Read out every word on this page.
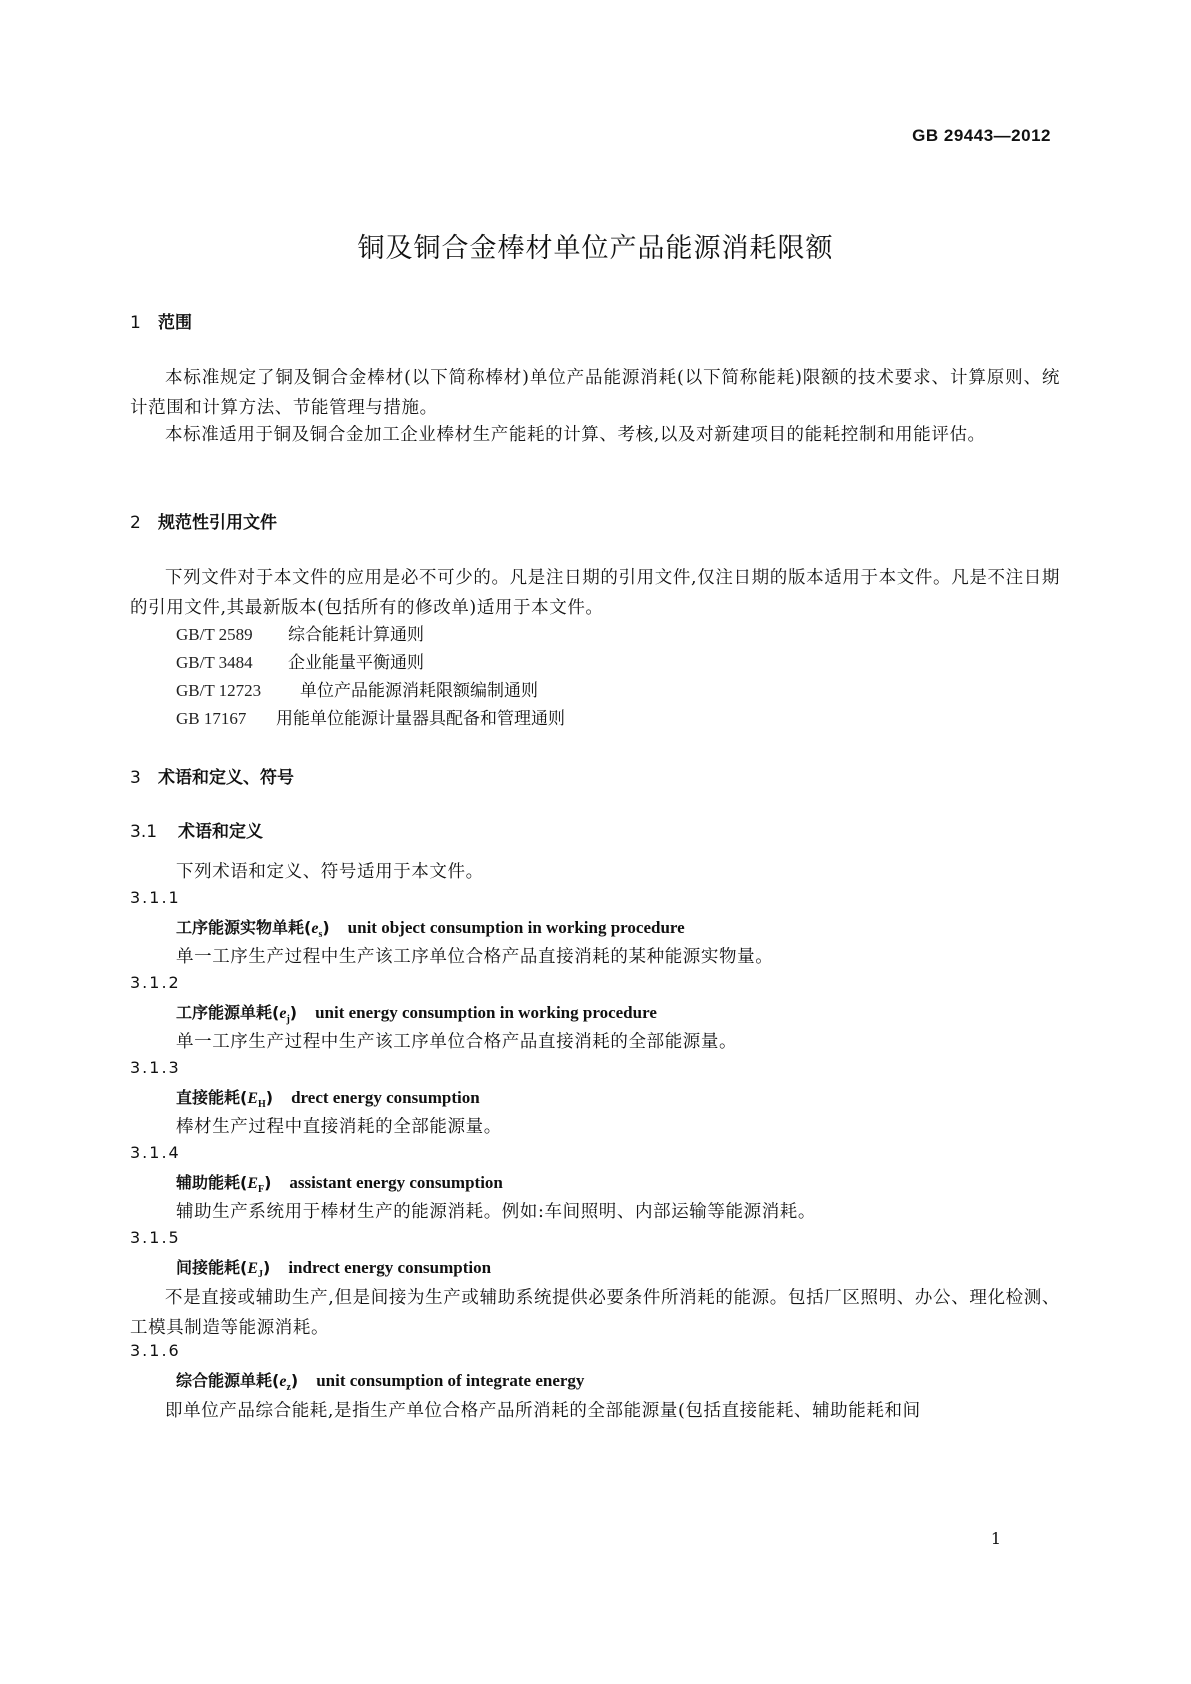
GB 29443—2012
铜及铜合金棒材单位产品能源消耗限额
1 范围
本标准规定了铜及铜合金棒材(以下简称棒材)单位产品能源消耗(以下简称能耗)限额的技术要求、计算原则、统计范围和计算方法、节能管理与措施。
本标准适用于铜及铜合金加工企业棒材生产能耗的计算、考核,以及对新建项目的能耗控制和用能评估。
2 规范性引用文件
下列文件对于本文件的应用是必不可少的。凡是注日期的引用文件,仅注日期的版本适用于本文件。凡是不注日期的引用文件,其最新版本(包括所有的修改单)适用于本文件。
GB/T 2589 综合能耗计算通则
GB/T 3484 企业能量平衡通则
GB/T 12723 单位产品能源消耗限额编制通则
GB 17167 用能单位能源计量器具配备和管理通则
3 术语和定义、符号
3.1 术语和定义
下列术语和定义、符号适用于本文件。
3.1.1
工序能源实物单耗$(e_s)$ unit object consumption in working procedure
单一工序生产过程中生产该工序单位合格产品直接消耗的某种能源实物量。
3.1.2
工序能源单耗$(e_j)$ unit energy consumption in working procedure
单一工序生产过程中生产该工序单位合格产品直接消耗的全部能源量。
3.1.3
直接能耗$(E_H)$ drect energy consumption
棒材生产过程中直接消耗的全部能源量。
3.1.4
辅助能耗$(E_F)$ assistant energy consumption
辅助生产系统用于棒材生产的能源消耗。例如:车间照明、内部运输等能源消耗。
3.1.5
间接能耗$(E_J)$ indrect energy consumption
不是直接或辅助生产,但是间接为生产或辅助系统提供必要条件所消耗的能源。包括厂区照明、办公、理化检测、工模具制造等能源消耗。
3.1.6
综合能源单耗$(e_z)$ unit consumption of integrate energy
即单位产品综合能耗,是指生产单位合格产品所消耗的全部能源量(包括直接能耗、辅助能耗和间
1
